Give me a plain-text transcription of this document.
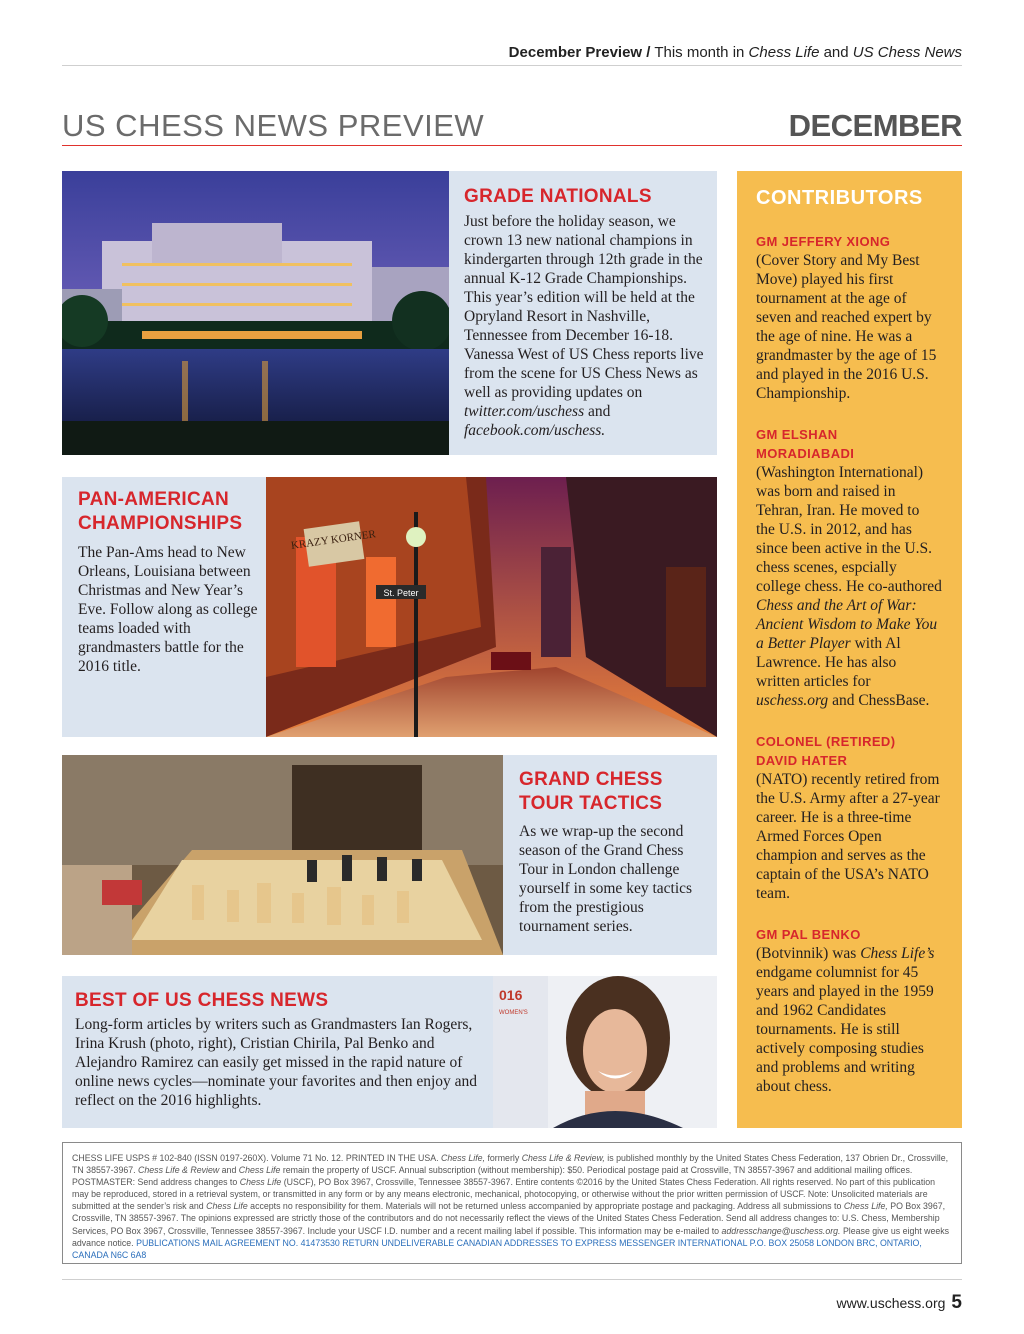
December Preview / This month in Chess Life and US Chess News
US CHESS NEWS PREVIEW	DECEMBER
GRADE NATIONALS

Just before the holiday season, we crown 13 new national champions in kindergarten through 12th grade in the annual K-12 Grade Championships. This year’s edition will be held at the Opryland Resort in Nashville, Tennessee from December 16-18. Vanessa West of US Chess reports live from the scene for US Chess News as well as providing updates on twitter.com/uschess and facebook.com/uschess.

PAN-AMERICAN
CHAMPIONSHIPS

The Pan-Ams head to New Orleans, Louisiana between Christmas and New Year’s Eve. Follow along as college teams loaded with grandmasters battle for the 2016 title.

St. Peter
KRAZY KORNER
GRAND CHESS
TOUR TACTICS

As we wrap-up the second season of the Grand Chess Tour in London challenge yourself in some key tactics from the prestigious tournament series.

BEST OF US CHESS NEWS

Long-form articles by writers such as Grandmasters Ian Rogers, Irina Krush (photo, right), Cristian Chirila, Pal Benko and Alejandro Ramirez can easily get missed in the rapid nature of online news cycles—nominate your favorites and then enjoy and reflect on the 2016 highlights.

016
WOMEN'S
CONTRIBUTORS
GM JEFFERY XIONG

(Cover Story and My Best Move) played his first tournament at the age of seven and reached expert by the age of nine. He was a grandmaster by the age of 15 and played in the 2016 U.S. Championship.

GM ELSHAN
MORADIABADI

(Washington International) was born and raised in Tehran, Iran. He moved to the U.S. in 2012, and has since been active in the U.S. chess scenes, espcially college chess. He co-authored Chess and the Art of War: Ancient Wisdom to Make You a Better Player with Al Lawrence. He has also written articles for uschess.org and ChessBase.

COLONEL (RETIRED)
DAVID HATER

(NATO) recently retired from the U.S. Army after a 27-year career. He is a three-time Armed Forces Open champion and serves as the captain of the USA’s NATO team.

GM PAL BENKO

(Botvinnik) was Chess Life’s endgame columnist for 45 years and played in the 1959 and 1962 Candidates tournaments. He is still actively composing studies and problems and writing about chess.

CHESS LIFE USPS # 102-840 (ISSN 0197-260X). Volume 71 No. 12. PRINTED IN THE USA. Chess Life, formerly Chess Life & Review, is published monthly by the United States Chess Federation, 137 Obrien Dr., Crossville, TN 38557-3967. Chess Life & Review and Chess Life remain the property of USCF. Annual subscription (without membership): $50. Periodical postage paid at Crossville, TN 38557-3967 and additional mailing offices. POSTMASTER: Send address changes to Chess Life (USCF), PO Box 3967, Crossville, Tennessee 38557-3967. Entire contents ©2016 by the United States Chess Federation. All rights reserved. No part of this publication may be reproduced, stored in a retrieval system, or transmitted in any form or by any means electronic, mechanical, photocopying, or otherwise without the prior written permission of USCF. Note: Unsolicited materials are submitted at the sender’s risk and Chess Life accepts no responsibility for them. Materials will not be returned unless accompanied by appropriate postage and packaging. Address all submissions to Chess Life, PO Box 3967, Crossville, TN 38557-3967. The opinions expressed are strictly those of the contributors and do not necessarily reflect the views of the United States Chess Federation. Send all address changes to: U.S. Chess, Membership Services, PO Box 3967, Crossville, Tennessee 38557-3967. Include your USCF I.D. number and a recent mailing label if possible. This information may be e-mailed to addresschange@uschess.org. Please give us eight weeks advance notice. PUBLICATIONS MAIL AGREEMENT NO. 41473530 RETURN UNDELIVERABLE CANADIAN ADDRESSES TO EXPRESS MESSENGER INTERNATIONAL P.O. BOX 25058 LONDON BRC, ONTARIO, CANADA N6C 6A8
www.uschess.org 5
